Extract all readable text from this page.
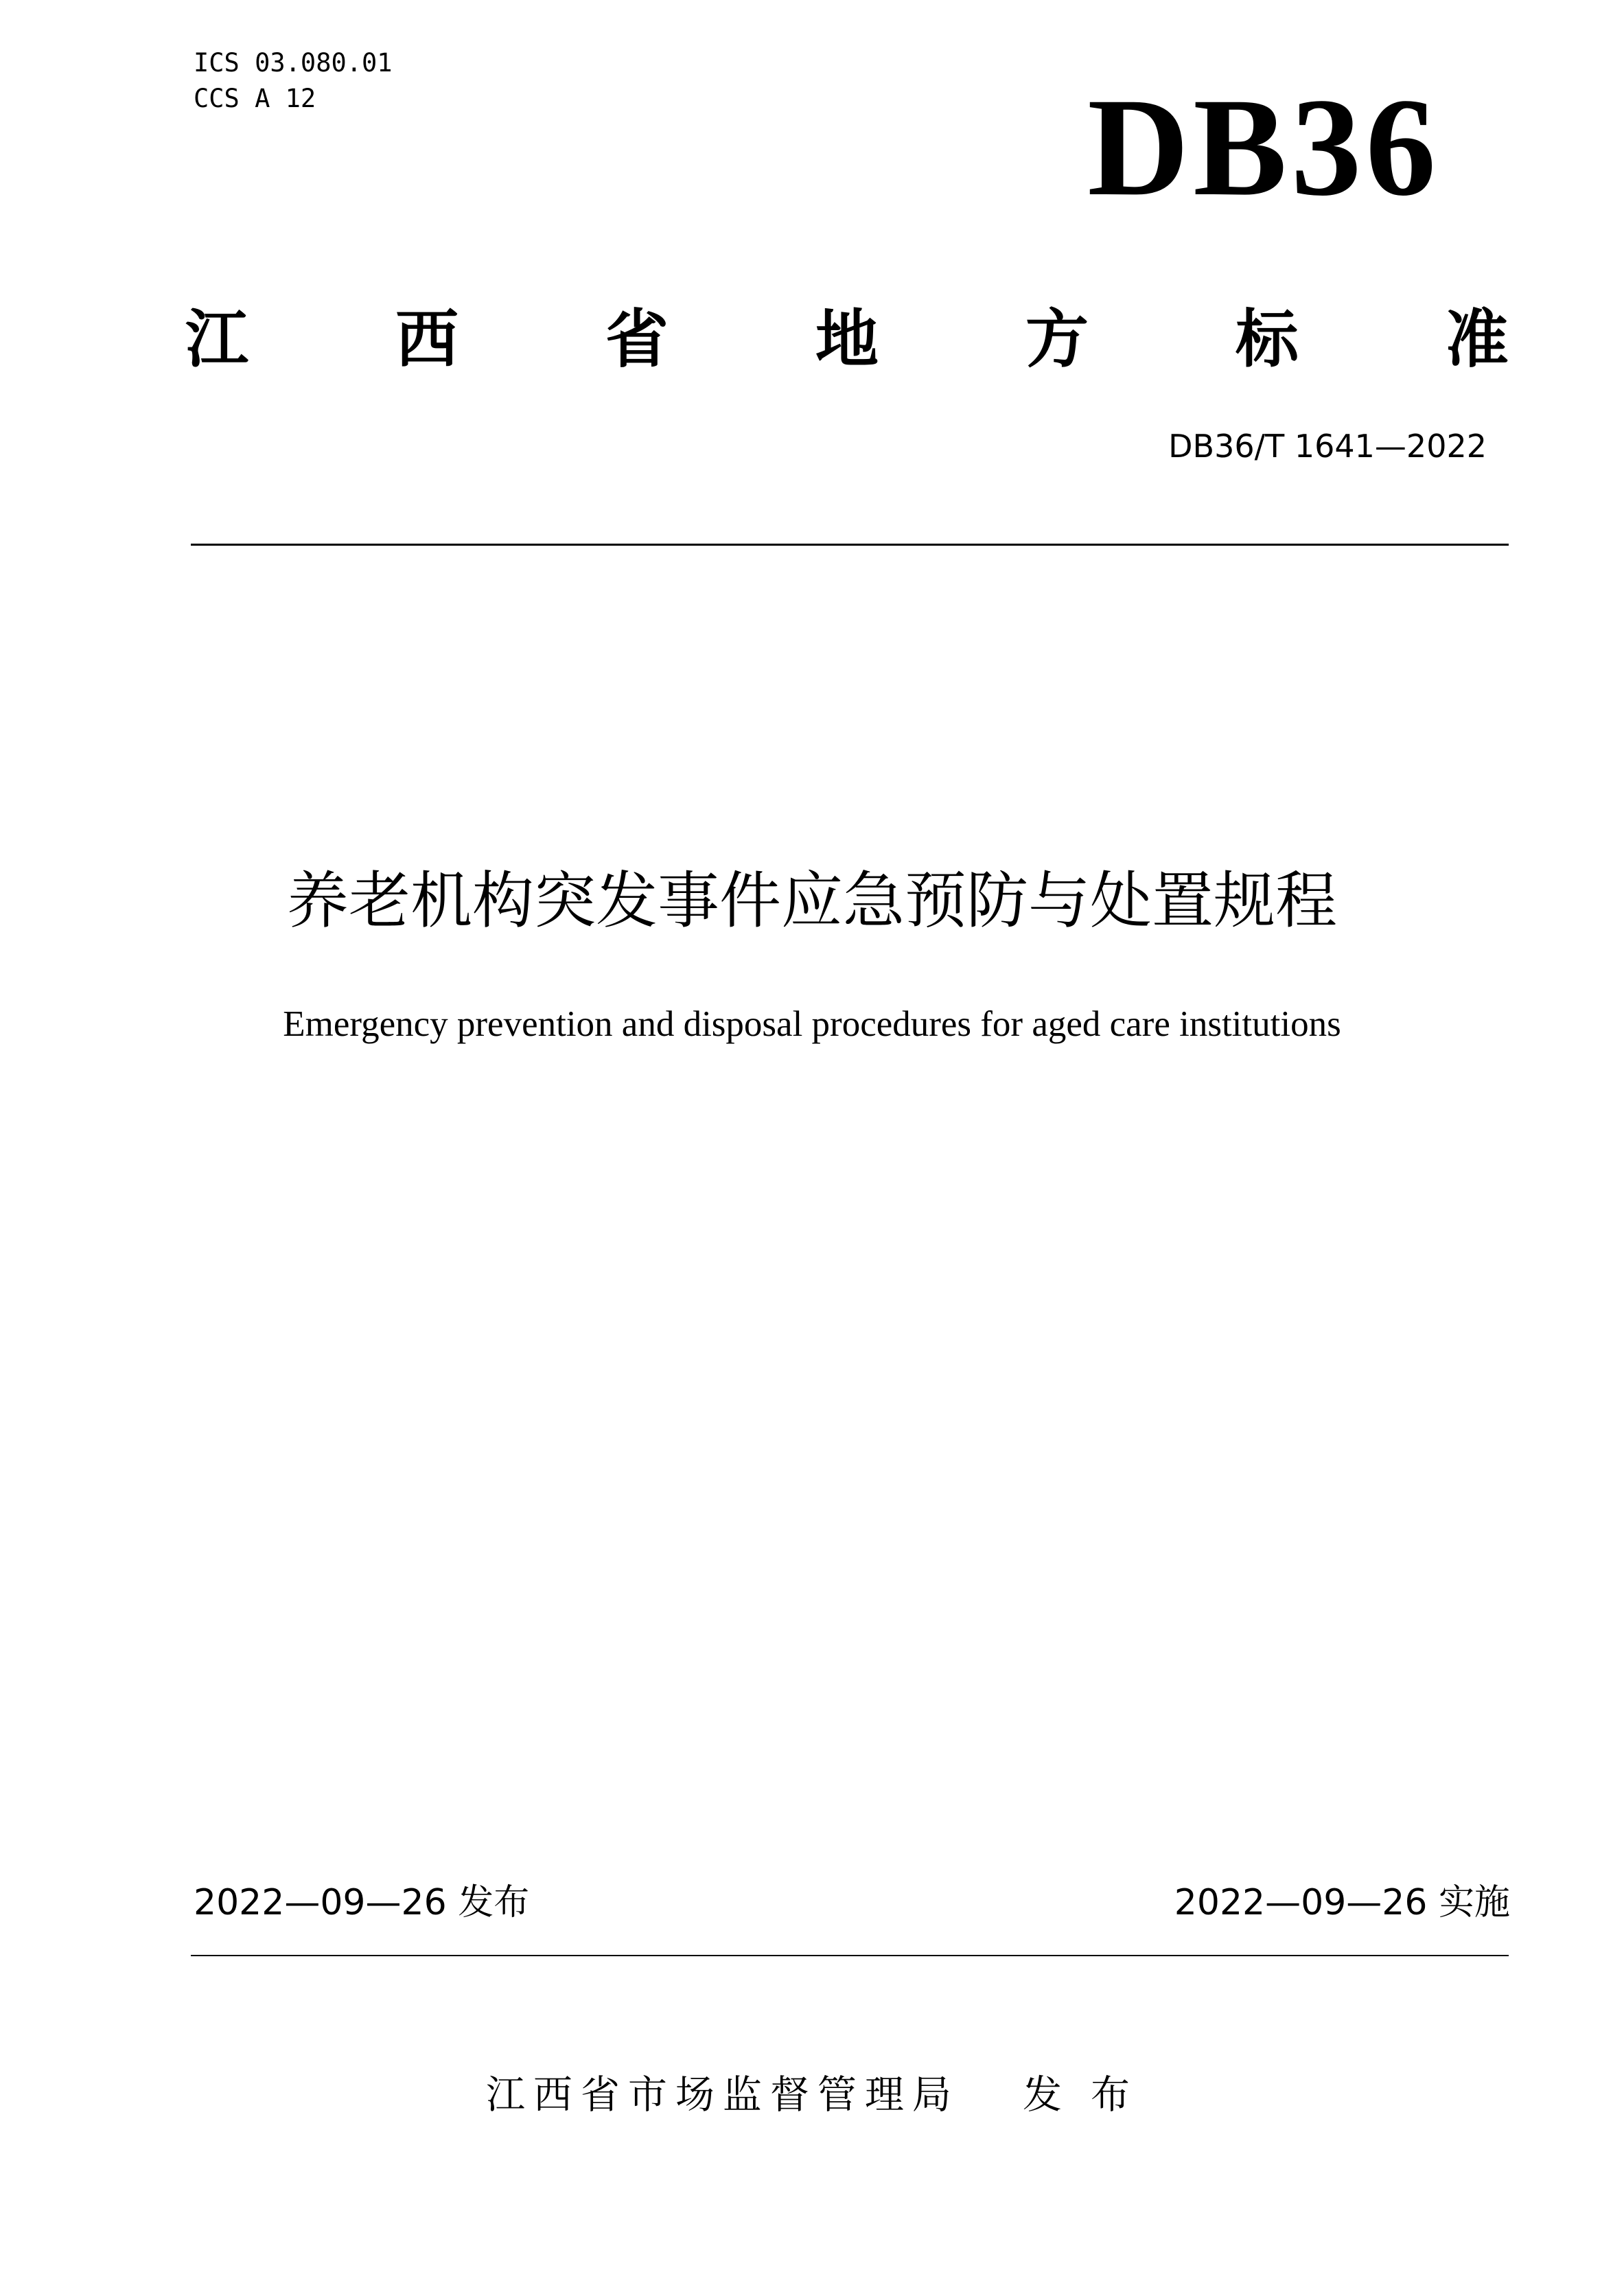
ICS 03.080.01
CCS A 12	DB36
江 西 省 地 方 标 准
DB36/T 1641—2022
养老机构突发事件应急预防与处置规程
Emergency prevention and disposal procedures for aged care institutions
2022—09—26 发布	2022—09—26 实施
江西省市场监督管理局 发 布
